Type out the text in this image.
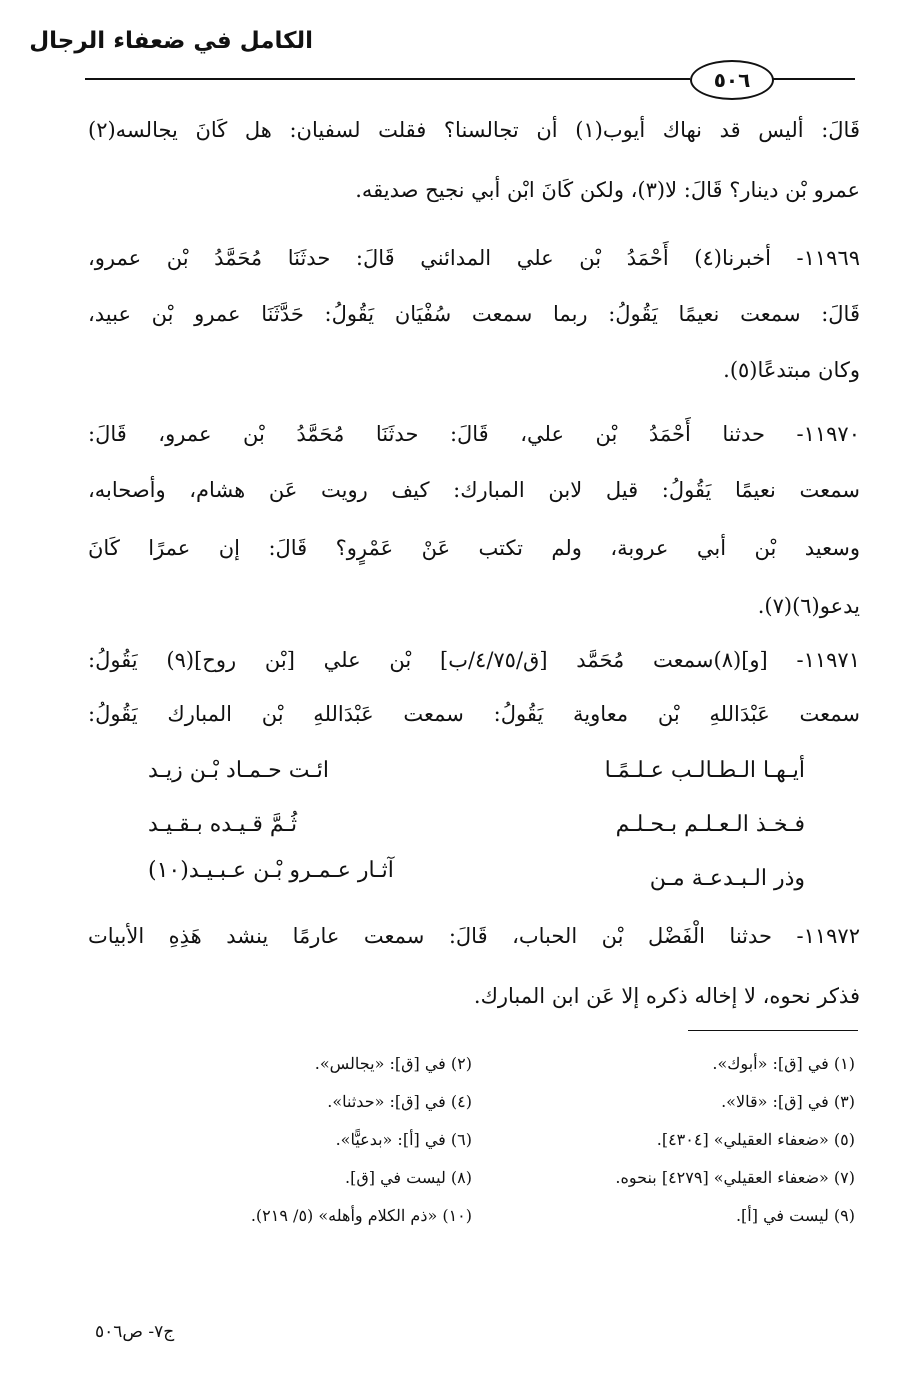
الكامل في ضعفاء الرجال
٥٠٦
قَالَ: أليس قد نهاك أيوب(١) أن تجالسنا؟ فقلت لسفيان: هل كَانَ يجالسه(٢)
عمرو بْن دينار؟ قَالَ: لا(٣)، ولكن كَانَ ابْن أبي نجيح صديقه.
١١٩٦٩- أخبرنا(٤) أَحْمَدُ بْن علي المدائني قَالَ: حدثَنَا مُحَمَّدُ بْن عمرو،
قَالَ: سمعت نعيمًا يَقُولُ: ربما سمعت سُفْيَان يَقُولُ: حَدَّثَنَا عمرو بْن عبيد،
وكان مبتدعًا(٥).
١١٩٧٠- حدثنا أَحْمَدُ بْن علي، قَالَ: حدثَنَا مُحَمَّدُ بْن عمرو، قَالَ:
سمعت نعيمًا يَقُولُ: قيل لابن المبارك: كيف رويت عَن هشام، وأصحابه،
وسعيد بْن أبي عروبة، ولم تكتب عَنْ عَمْرٍو؟ قَالَ: إن عمرًا كَانَ
يدعو(٦)(٧).
١١٩٧١- [و](٨)سمعت مُحَمَّد [ق/٤/٧٥/ب] بْن علي [بْن روح](٩) يَقُولُ:
سمعت عَبْدَاللهِ بْن معاوية يَقُولُ: سمعت عَبْدَاللهِ بْن المبارك يَقُولُ:
١١٩٧٢- حدثنا الْفَضْل بْن الحباب، قَالَ: سمعت عارمًا ينشد هَذِهِ الأبيات
فذكر نحوه، لا إخاله ذكره إلا عَن ابن المبارك.
أيـهـا الـطـالـب عـلـمًـا
ائـت حـمـاد بْـن زيـد
فـخـذ الـعـلـم بـحـلـم
ثُـمَّ قـيـده بـقـيـد
وذر الـبـدعـة مـن
آثـار عـمـرو بْـن عـبـيـد(١٠)
(١) في [ق]: «أبوك».
(٢) في [ق]: «يجالس».
(٣) في [ق]: «قالا».
(٤) في [ق]: «حدثنا».
(٥) «ضعفاء العقيلي» [٤٣٠٤].
(٦) في [أ]: «بدعيًّا».
(٧) «ضعفاء العقيلي» [٤٢٧٩] بنحوه.
(٨) ليست في [ق].
(٩) ليست في [أ].
(١٠) «ذم الكلام وأهله» (٥/ ٢١٩).
ج٧- ص٥٠٦
